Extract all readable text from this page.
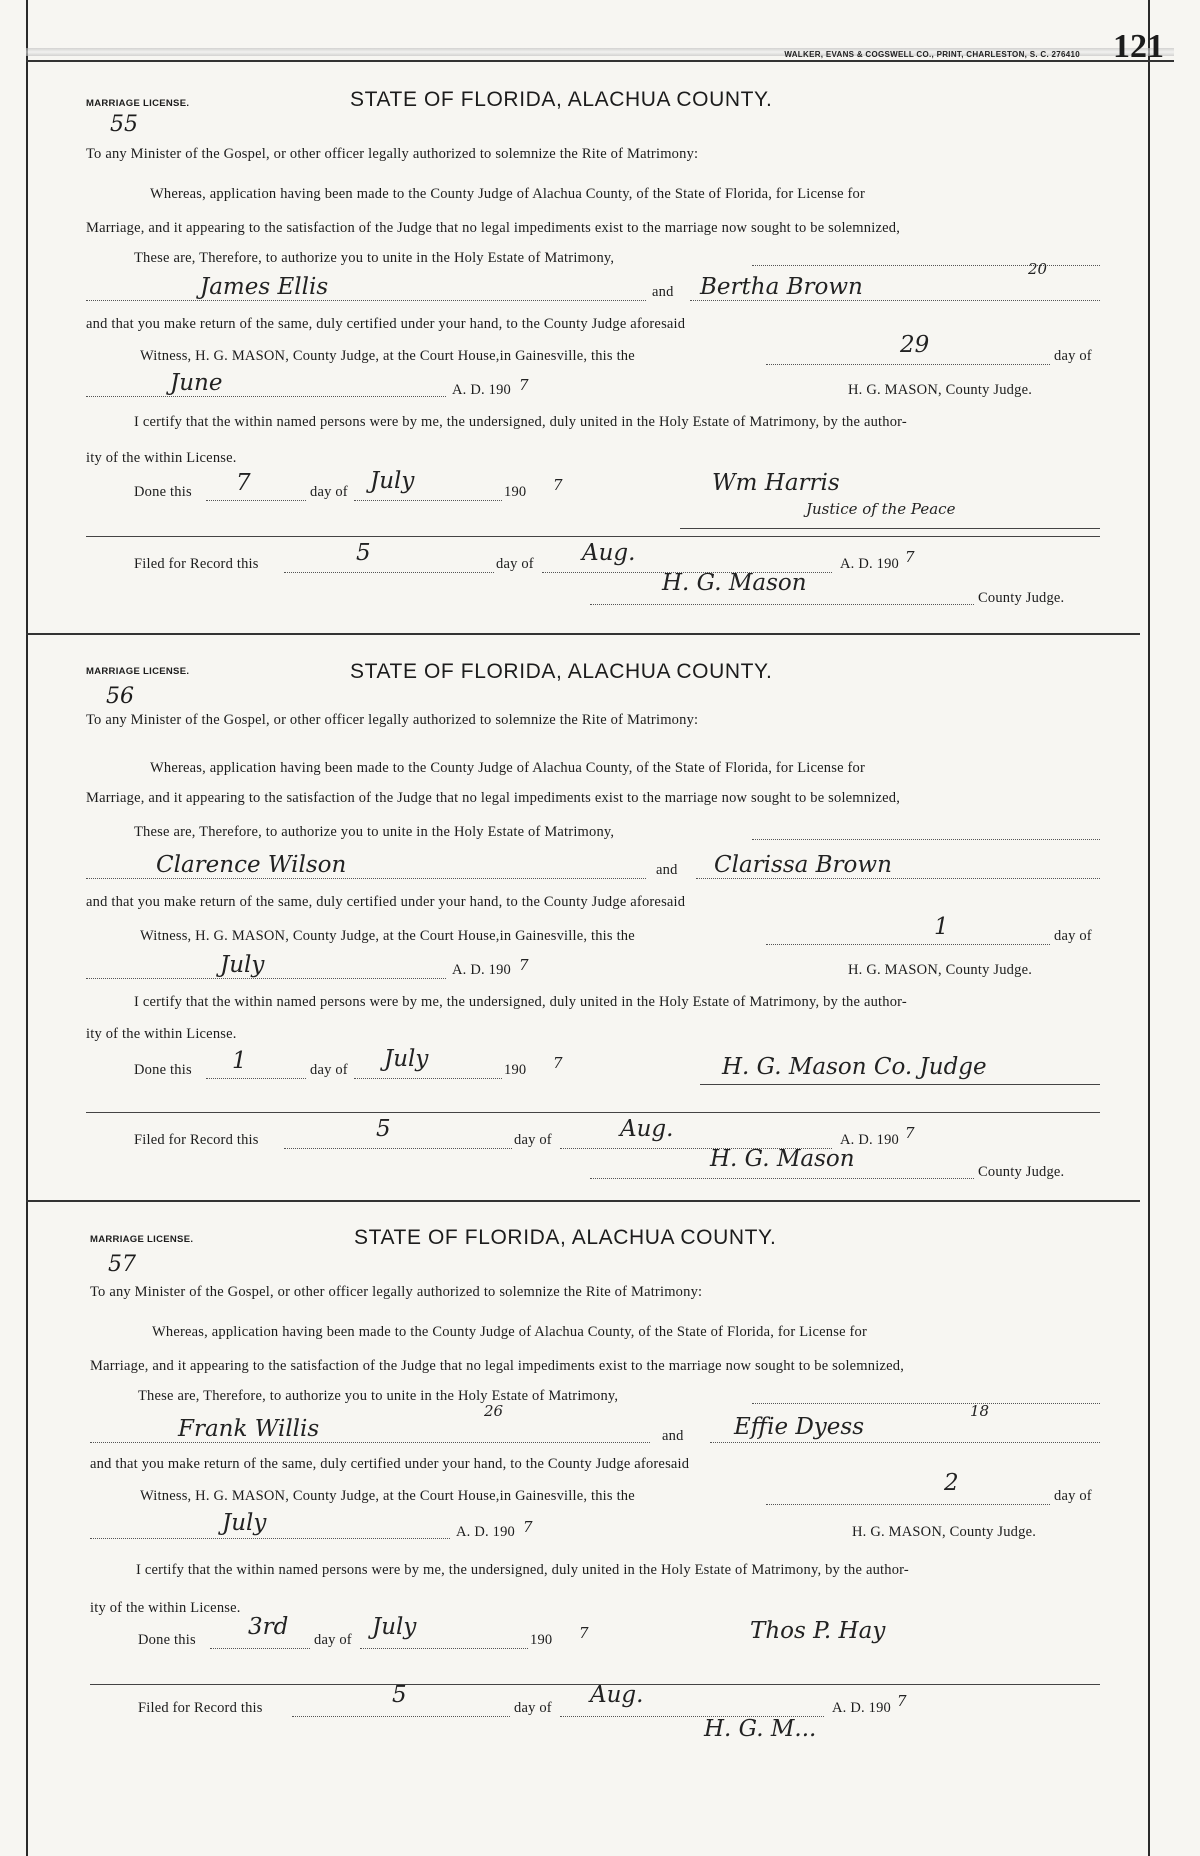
WALKER, EVANS & COGSWELL CO., PRINT, CHARLESTON, S. C. 276410 121
MARRIAGE LICENSE.	STATE OF FLORIDA, ALACHUA COUNTY.
55
To any Minister of the Gospel, or other officer legally authorized to solemnize the Rite of Matrimony:
Whereas, application having been made to the County Judge of Alachua County, of the State of Florida, for License for
Marriage, and it appearing to the satisfaction of the Judge that no legal impediments exist to the marriage now sought to be solemnized,
These are, Therefore, to authorize you to unite in the Holy Estate of Matrimony,
James Ellis	and Bertha Brown
20
and that you make return of the same, duly certified under your hand, to the County Judge aforesaid
Witness, H. G. MASON, County Judge, at the Court House,in Gainesville, this the	29	day of
June	A. D. 190 7	H. G. MASON, County Judge.
I certify that the within named persons were by me, the undersigned, duly united in the Holy Estate of Matrimony, by the author-
ity of the within License.
Done this 7	day of July	190 7	Wm Harris
Justice of the Peace
Filed for Record this	5	day of Aug.	A. D. 190 7
H. G. Mason
County Judge.
MARRIAGE LICENSE.	STATE OF FLORIDA, ALACHUA COUNTY.
56
To any Minister of the Gospel, or other officer legally authorized to solemnize the Rite of Matrimony:
Whereas, application having been made to the County Judge of Alachua County, of the State of Florida, for License for
Marriage, and it appearing to the satisfaction of the Judge that no legal impediments exist to the marriage now sought to be solemnized,
These are, Therefore, to authorize you to unite in the Holy Estate of Matrimony,
Clarence Wilson	and Clarissa Brown
and that you make return of the same, duly certified under your hand, to the County Judge aforesaid
Witness, H. G. MASON, County Judge, at the Court House,in Gainesville, this the	1	day of
July	A. D. 190 7	H. G. MASON, County Judge.
I certify that the within named persons were by me, the undersigned, duly united in the Holy Estate of Matrimony, by the author-
ity of the within License.
Done this 1	day of July	190 7	H. G. Mason Co. Judge
Filed for Record this	5	day of	Aug.	A. D. 190 7
H. G. Mason	County Judge.
MARRIAGE LICENSE.	STATE OF FLORIDA, ALACHUA COUNTY.
57
To any Minister of the Gospel, or other officer legally authorized to solemnize the Rite of Matrimony:
Whereas, application having been made to the County Judge of Alachua County, of the State of Florida, for License for
Marriage, and it appearing to the satisfaction of the Judge that no legal impediments exist to the marriage now sought to be solemnized,
These are, Therefore, to authorize you to unite in the Holy Estate of Matrimony,
Frank Willis
26
and Effie Dyess
18
and that you make return of the same, duly certified under your hand, to the County Judge aforesaid
Witness, H. G. MASON, County Judge, at the Court House,in Gainesville, this the	2	day of
July	A. D. 190 7	H. G. MASON, County Judge.
I certify that the within named persons were by me, the undersigned, duly united in the Holy Estate of Matrimony, by the author-
ity of the within License.
Done this 3rd day of July	190 7	Thos P. Hay
Filed for Record this	5	day of Aug.	A. D. 190 7
H. G. M...
